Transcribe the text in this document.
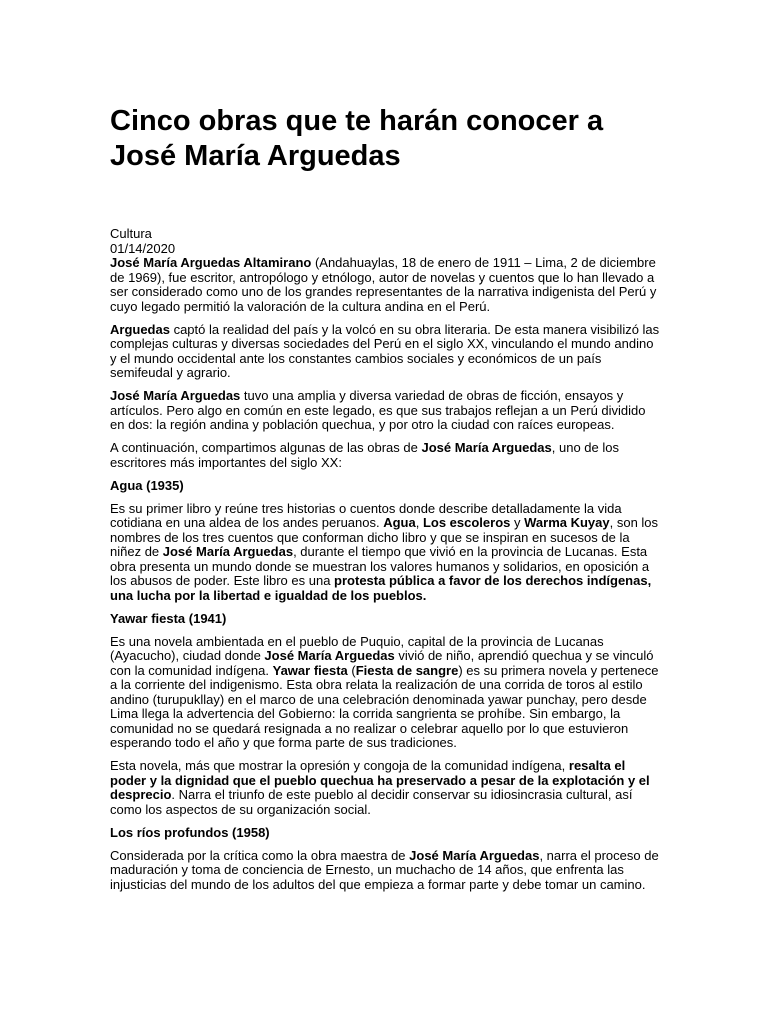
Cinco obras que te harán conocer a José María Arguedas
Cultura
01/14/2020

José María Arguedas Altamirano (Andahuaylas, 18 de enero de 1911 – Lima, 2 de diciembre de 1969), fue escritor, antropólogo y etnólogo, autor de novelas y cuentos que lo han llevado a ser considerado como uno de los grandes representantes de la narrativa indigenista del Perú y cuyo legado permitió la valoración de la cultura andina en el Perú.

Arguedas captó la realidad del país y la volcó en su obra literaria. De esta manera visibilizó las complejas culturas y diversas sociedades del Perú en el siglo XX, vinculando el mundo andino y el mundo occidental ante los constantes cambios sociales y económicos de un país semifeudal y agrario.

José María Arguedas tuvo una amplia y diversa variedad de obras de ficción, ensayos y artículos. Pero algo en común en este legado, es que sus trabajos reflejan a un Perú dividido en dos: la región andina y población quechua, y por otro la ciudad con raíces europeas.

A continuación, compartimos algunas de las obras de José María Arguedas, uno de los escritores más importantes del siglo XX:

Agua (1935)

Es su primer libro y reúne tres historias o cuentos donde describe detalladamente la vida cotidiana en una aldea de los andes peruanos. Agua, Los escoleros y Warma Kuyay, son los nombres de los tres cuentos que conforman dicho libro y que se inspiran en sucesos de la niñez de José María Arguedas, durante el tiempo que vivió en la provincia de Lucanas. Esta obra presenta un mundo donde se muestran los valores humanos y solidarios, en oposición a los abusos de poder. Este libro es una protesta pública a favor de los derechos indígenas, una lucha por la libertad e igualdad de los pueblos.

Yawar fiesta (1941)

Es una novela ambientada en el pueblo de Puquio, capital de la provincia de Lucanas (Ayacucho), ciudad donde José María Arguedas vivió de niño, aprendió quechua y se vinculó con la comunidad indígena. Yawar fiesta (Fiesta de sangre) es su primera novela y pertenece a la corriente del indigenismo. Esta obra relata la realización de una corrida de toros al estilo andino (turupukllay) en el marco de una celebración denominada yawar punchay, pero desde Lima llega la advertencia del Gobierno: la corrida sangrienta se prohíbe. Sin embargo, la comunidad no se quedará resignada a no realizar o celebrar aquello por lo que estuvieron esperando todo el año y que forma parte de sus tradiciones.

Esta novela, más que mostrar la opresión y congoja de la comunidad indígena, resalta el poder y la dignidad que el pueblo quechua ha preservado a pesar de la explotación y el desprecio. Narra el triunfo de este pueblo al decidir conservar su idiosincrasia cultural, así como los aspectos de su organización social.

Los ríos profundos (1958)

Considerada por la crítica como la obra maestra de José María Arguedas, narra el proceso de maduración y toma de conciencia de Ernesto, un muchacho de 14 años, que enfrenta las injusticias del mundo de los adultos del que empieza a formar parte y debe tomar un camino.
